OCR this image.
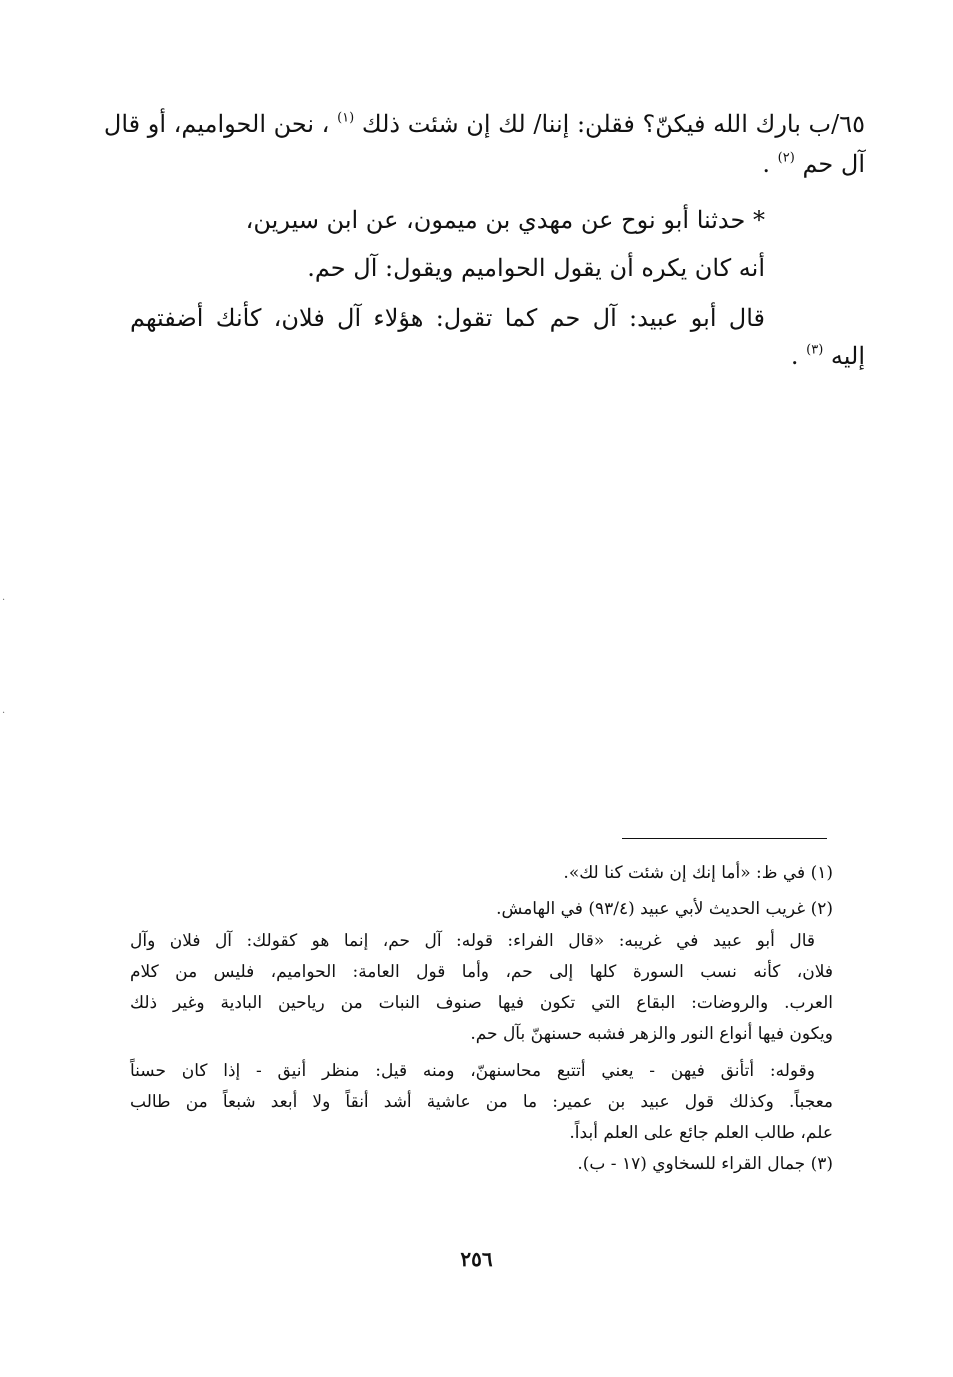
٦٥/ب بارك الله فيكنّ؟ فقلن: إننا/ لك إن شئت ذلك $^{(١)}$ ، نحن الحواميم، أو قال
آل حم $^{(٢)}$ .
* حدثنا أبو نوح عن مهدي بن ميمون، عن ابن سيرين،
أنه كان يكره أن يقول الحواميم ويقول: آل حم.
قال أبو عبيد: آل حم كما تقول: هؤلاء آل فلان، كأنك أضفتهم
إليه $^{(٣)}$ .
(١) في ظ: «أما إنك إن شئت كنا لك».
(٢) غريب الحديث لأبي عبيد (٩٣/٤) في الهامش.
قال أبو عبيد في غريبه: «قال الفراء: قوله: آل حم، إنما هو كقولك: آل فلان وآل
فلان، كأنه نسب السورة كلها إلى حم، وأما قول العامة: الحواميم، فليس من كلام
العرب. والروضات: البقاع التي تكون فيها صنوف النبات من رياحين البادية وغير ذلك
ويكون فيها أنواع النور والزهر فشبه حسنهنّ بآل حم.
وقوله: أتأنق فيهن - يعني أتتبع محاسنهنّ، ومنه قيل: منظر أنيق - إذا كان حسناً
معجباً. وكذلك قول عبيد بن عمير: ما من عاشية أشد أنقاً ولا أبعد شبعاً من طالب
علم، طالب العلم جائع على العلم أبداً.
(٣) جمال القراء للسخاوي (١٧ - ب).
٢٥٦
·
·
